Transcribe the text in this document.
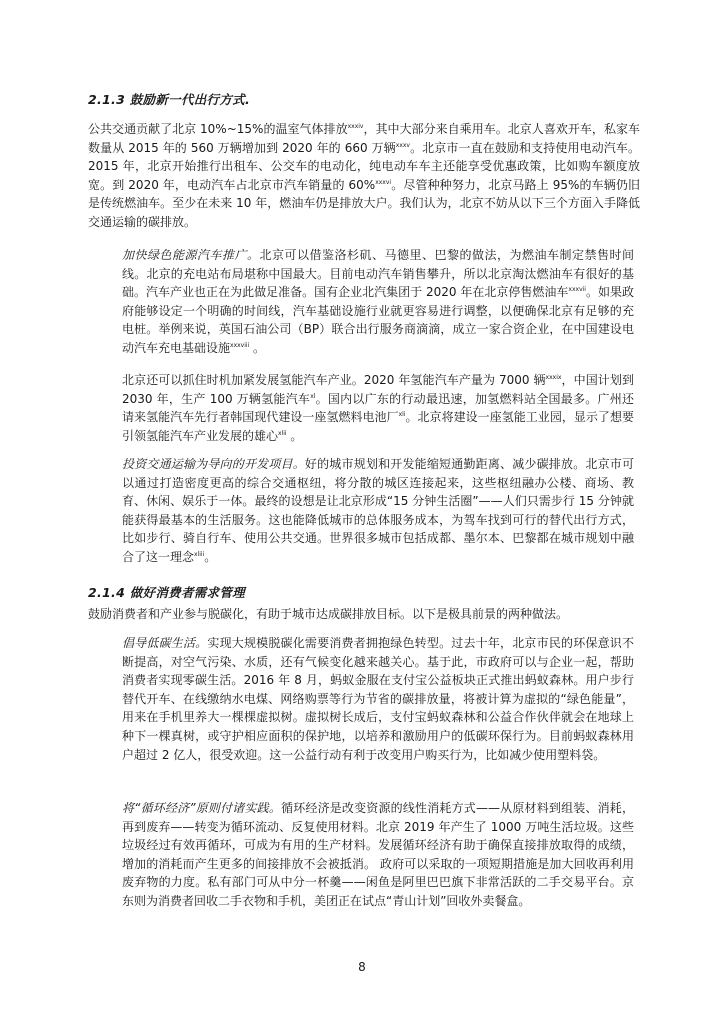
2.1.3 鼓励新一代出行方式.

公共交通贡献了北京 10%~15%的温室气体排放$^{xxxiv}$，其中大部分来自乘用车。北京人喜欢开车，私家车数量从 2015 年的 560 万辆增加到 2020 年的 660 万辆$^{xxxv}$。北京市一直在鼓励和支持使用电动汽车。2015 年，北京开始推行出租车、公交车的电动化，纯电动车车主还能享受优惠政策，比如购车额度放宽。到 2020 年，电动汽车占北京市汽车销量的 60%$^{xxxvi}$。尽管种种努力，北京马路上 95%的车辆仍旧是传统燃油车。至少在未来 10 年，燃油车仍是排放大户。我们认为，北京不妨从以下三个方面入手降低交通运输的碳排放。

加快绿色能源汽车推广。北京可以借鉴洛杉矶、马德里、巴黎的做法，为燃油车制定禁售时间线。北京的充电站布局堪称中国最大。目前电动汽车销售攀升，所以北京淘汰燃油车有很好的基础。汽车产业也正在为此做足准备。国有企业北汽集团于 2020 年在北京停售燃油车$^{xxxvii}$。如果政府能够设定一个明确的时间线，汽车基础设施行业就更容易进行调整，以便确保北京有足够的充电桩。举例来说，英国石油公司（BP）联合出行服务商滴滴，成立一家合资企业，在中国建设电动汽车充电基础设施$^{xxxviii}$ 。

北京还可以抓住时机加紧发展氢能汽车产业。2020 年氢能汽车产量为 7000 辆$^{xxxix}$，中国计划到 2030 年，生产 100 万辆氢能汽车$^{xl}$。国内以广东的行动最迅速，加氢燃料站全国最多。广州还请来氢能汽车先行者韩国现代建设一座氢燃料电池厂$^{xli}$。北京将建设一座氢能工业园，显示了想要引领氢能汽车产业发展的雄心$^{xlii}$ 。

投资交通运输为导向的开发项目。好的城市规划和开发能缩短通勤距离、减少碳排放。北京市可以通过打造密度更高的综合交通枢纽，将分散的城区连接起来，这些枢纽融办公楼、商场、教育、休闲、娱乐于一体。最终的设想是让北京形成“15 分钟生活圈”——人们只需步行 15 分钟就能获得最基本的生活服务。这也能降低城市的总体服务成本，为驾车找到可行的替代出行方式，比如步行、骑自行车、使用公共交通。世界很多城市包括成都、墨尔本、巴黎都在城市规划中融合了这一理念$^{xliii}$。

2.1.4 做好消费者需求管理

鼓励消费者和产业参与脱碳化，有助于城市达成碳排放目标。以下是极具前景的两种做法。

倡导低碳生活。实现大规模脱碳化需要消费者拥抱绿色转型。过去十年，北京市民的环保意识不断提高，对空气污染、水质，还有气候变化越来越关心。基于此，市政府可以与企业一起，帮助消费者实现零碳生活。2016 年 8 月，蚂蚁金服在支付宝公益板块正式推出蚂蚁森林。用户步行替代开车、在线缴纳水电煤、网络购票等行为节省的碳排放量，将被计算为虚拟的“绿色能量”，用来在手机里养大一棵棵虚拟树。虚拟树长成后，支付宝蚂蚁森林和公益合作伙伴就会在地球上种下一棵真树，或守护相应面积的保护地，以培养和激励用户的低碳环保行为。目前蚂蚁森林用户超过 2 亿人，很受欢迎。这一公益行动有利于改变用户购买行为，比如减少使用塑料袋。

将“循环经济”原则付诸实践。循环经济是改变资源的线性消耗方式——从原材料到组装、消耗，再到废弃——转变为循环流动、反复使用材料。北京 2019 年产生了 1000 万吨生活垃圾。这些垃圾经过有效再循环，可成为有用的生产材料。发展循环经济有助于确保直接排放取得的成绩，增加的消耗而产生更多的间接排放不会被抵消。 政府可以采取的一项短期措施是加大回收再利用废弃物的力度。私有部门可从中分一杯羹——闲鱼是阿里巴巴旗下非常活跃的二手交易平台。京东则为消费者回收二手衣物和手机，美团正在试点“青山计划”回收外卖餐盒。

8
